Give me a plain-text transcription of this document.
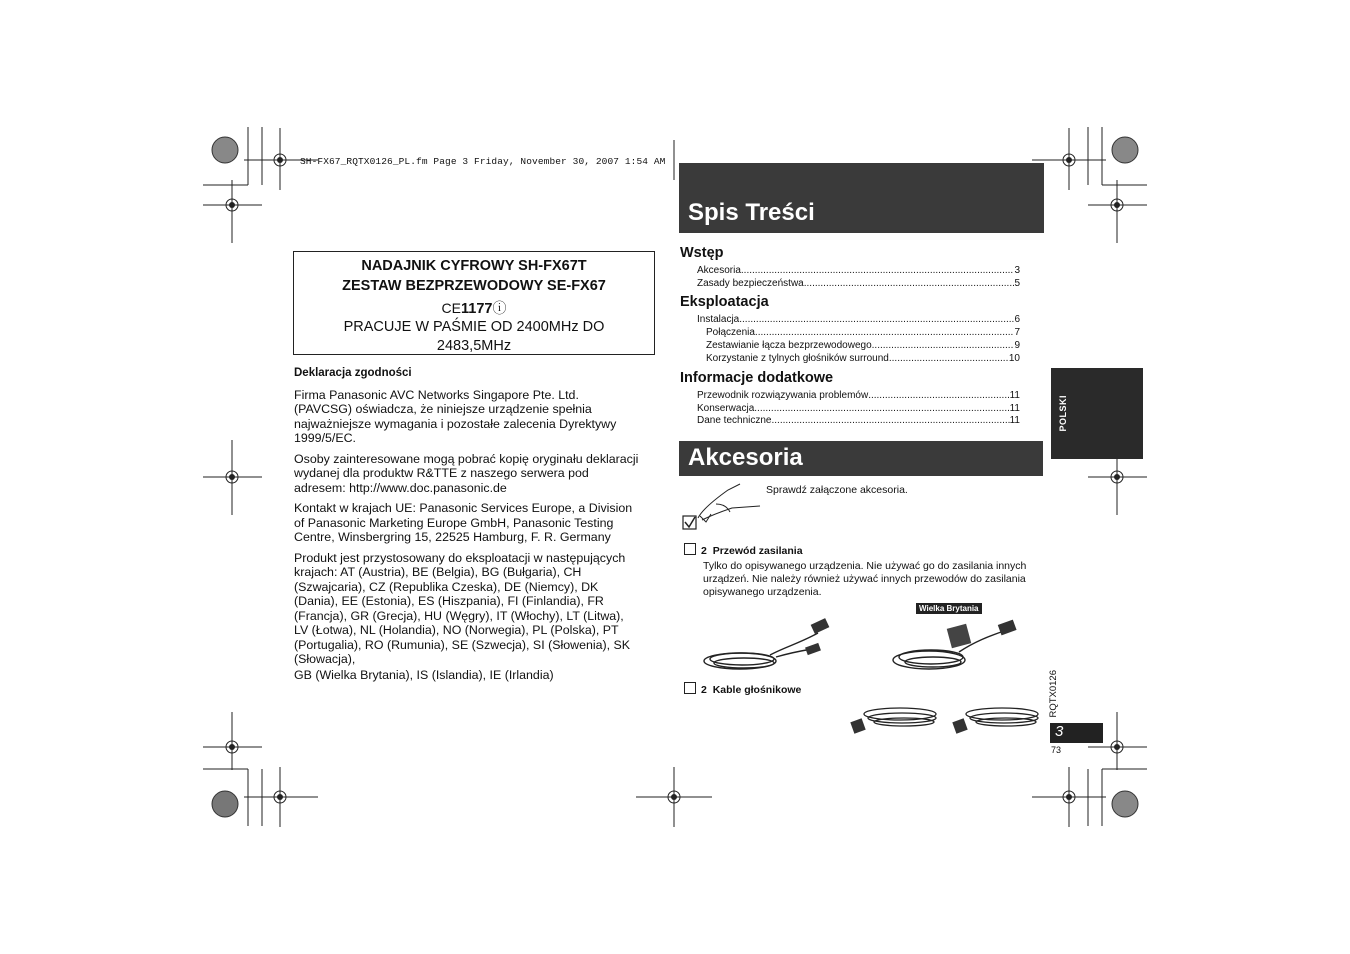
SH-FX67_RQTX0126_PL.fm Page 3 Friday, November 30, 2007 1:54 AM
NADAJNIK CYFROWY SH-FX67T
ZESTAW BEZPRZEWODOWY SE-FX67
CE1177ⓘ
PRACUJE W PAŚMIE OD 2400MHz DO
2483,5MHz
Deklaracja zgodności

Firma Panasonic AVC Networks Singapore Pte. Ltd. (PAVCSG) oświadcza, że niniejsze urządzenie spełnia najważniejsze wymagania i pozostałe zalecenia Dyrektywy 1999/5/EC.

Osoby zainteresowane mogą pobrać kopię oryginału deklaracji wydanej dla produktw R&TTE z naszego serwera pod adresem: http://www.doc.panasonic.de

Kontakt w krajach UE: Panasonic Services Europe, a Division of Panasonic Marketing Europe GmbH, Panasonic Testing Centre, Winsbergring 15, 22525 Hamburg, F. R. Germany

Produkt jest przystosowany do eksploatacji w następujących krajach: AT (Austria), BE (Belgia), BG (Bułgaria), CH (Szwajcaria), CZ (Republika Czeska), DE (Niemcy), DK (Dania), EE (Estonia), ES (Hiszpania), FI (Finlandia), FR (Francja), GR (Grecja), HU (Węgry), IT (Włochy), LT (Litwa), LV (Łotwa), NL (Holandia), NO (Norwegia), PL (Polska), PT (Portugalia), RO (Rumunia), SE (Szwecja), SI (Słowenia), SK (Słowacja),

GB (Wielka Brytania), IS (Islandia), IE (Irlandia)

Spis Treści
Wstęp
Akcesoria .....	3
Zasady bezpieczeństwa .....	5
Eksploatacja
Instalacja .....	6
Połączenia .....	7
Zestawianie łącza bezprzewodowego .....	9
Korzystanie z tylnych głośników surround .....	10
Informacje dodatkowe
Przewodnik rozwiązywania problemów .....	11
Konserwacja .....	11
Dane techniczne .....	11
Akcesoria
Sprawdź załączone akcesoria.
2 Przewód zasilania
Tylko do opisywanego urządzenia. Nie używać go do zasilania innych urządzeń. Nie należy również używać innych przewodów do zasilania opisywanego urządzenia.
Wielka Brytania
2 Kable głośnikowe
POLSKI
RQTX0126
3
73
